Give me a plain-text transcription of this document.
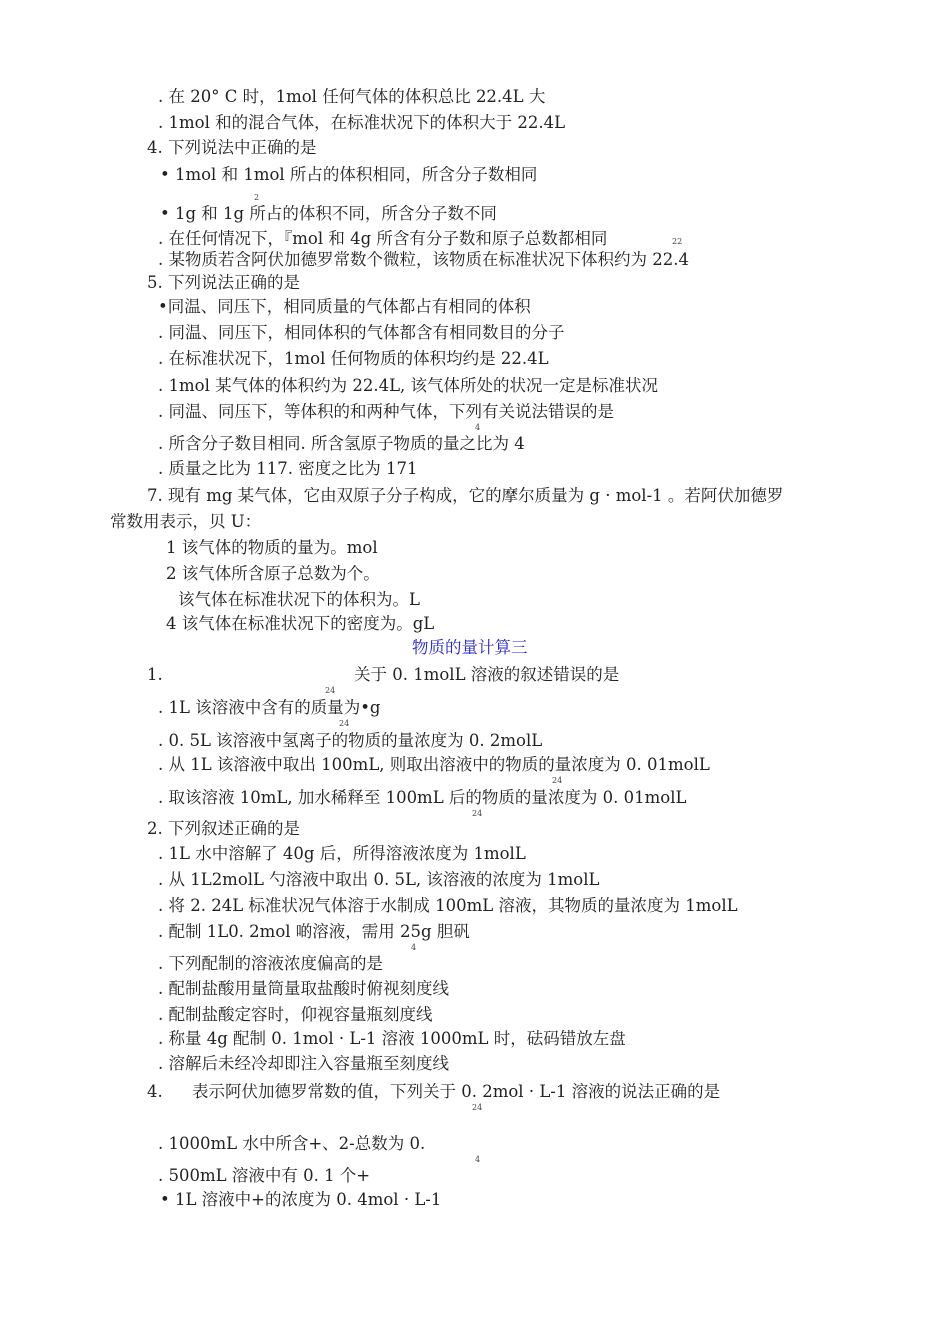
. 在 20° C 时，1mol 任何气体的体积总比 22.4L 大
. 1mol 和的混合气体，在标准状况下的体积大于 22.4L
4. 下列说法中正确的是
• 1mol 和 1mol 所占的体积相同，所含分子数相同
2
• 1g 和 1g 所占的体积不同，所含分子数不同
. 在任何情况下，『mol 和 4g 所含有分子数和原子总数都相同	22
. 某物质若含阿伏加德罗常数个微粒，该物质在标准状况下体积约为 22.4
5. 下列说法正确的是
•同温、同压下，相同质量的气体都占有相同的体积
. 同温、同压下，相同体积的气体都含有相同数目的分子
. 在标准状况下，1mol 任何物质的体积均约是 22.4L
. 1mol 某气体的体积约为 22.4L, 该气体所处的状况一定是标准状况
. 同温、同压下，等体积的和两种气体，下列有关说法错误的是
4
. 所含分子数目相同. 所含氢原子物质的量之比为 4
. 质量之比为 117. 密度之比为 171
7. 现有 mg 某气体，它由双原子分子构成，它的摩尔质量为 g · mol-1 。若阿伏加德罗
常数用表示，贝 U：
1 该气体的物质的量为。mol
2 该气体所含原子总数为个。
该气体在标准状况下的体积为。L
4 该气体在标准状况下的密度为。gL
物质的量计算三
1.	关于 0. 1molL 溶液的叙述错误的是
24
. 1L 该溶液中含有的质量为•g
24
. 0. 5L 该溶液中氢离子的物质的量浓度为 0. 2molL
. 从 1L 该溶液中取出 100mL, 则取出溶液中的物质的量浓度为 0. 01molL
24
. 取该溶液 10mL, 加水稀释至 100mL 后的物质的量浓度为 0. 01molL
24
2. 下列叙述正确的是
. 1L 水中溶解了 40g 后，所得溶液浓度为 1molL
. 从 1L2molL 勺溶液中取出 0. 5L, 该溶液的浓度为 1molL
. 将 2. 24L 标准状况气体溶于水制成 100mL 溶液，其物质的量浓度为 1molL
. 配制 1L0. 2mol 啲溶液，需用 25g 胆矾
4
. 下列配制的溶液浓度偏高的是
. 配制盐酸用量筒量取盐酸时俯视刻度线
. 配制盐酸定容时，仰视容量瓶刻度线
. 称量 4g 配制 0. 1mol · L-1 溶液 1000mL 时，砝码错放左盘
. 溶解后未经冷却即注入容量瓶至刻度线
4. 表示阿伏加德罗常数的值，下列关于 0. 2mol · L-1 溶液的说法正确的是
24
. 1000mL 水中所含+、2-总数为 0.
4
. 500mL 溶液中有 0. 1 个+
• 1L 溶液中+的浓度为 0. 4mol · L-1
